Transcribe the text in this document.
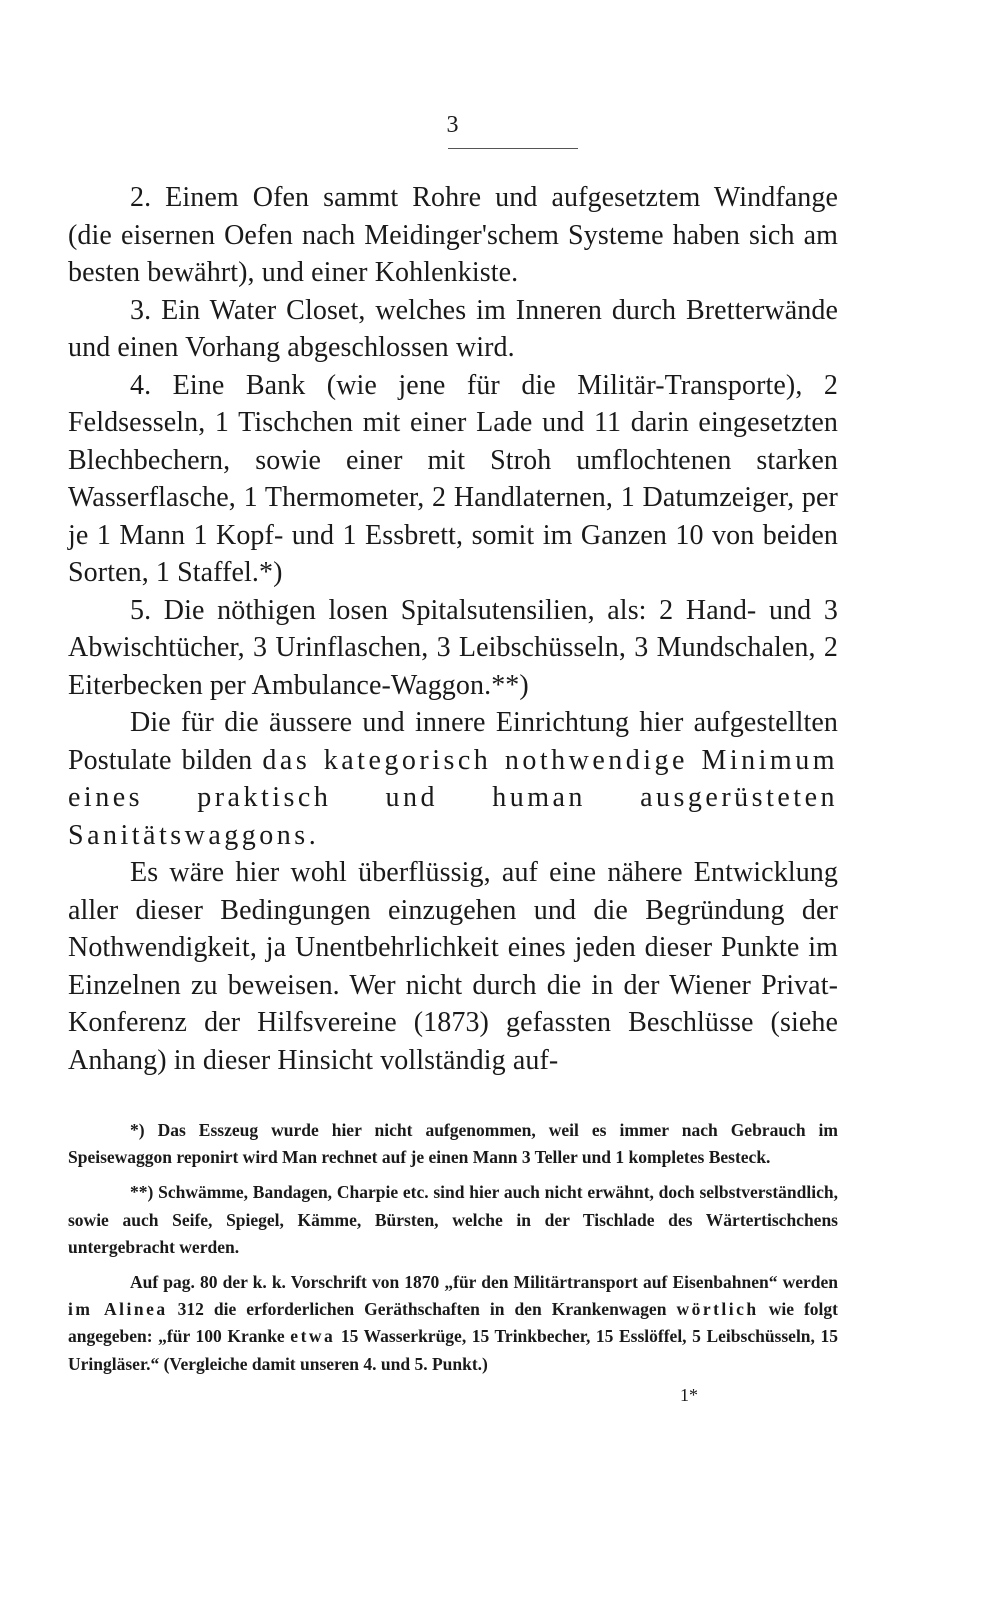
3

2. Einem Ofen sammt Rohre und aufgesetztem Windfange (die eisernen Oefen nach Meidinger'schem Systeme haben sich am besten bewährt), und einer Kohlenkiste.

3. Ein Water Closet, welches im Inneren durch Bretterwände und einen Vorhang abgeschlossen wird.

4. Eine Bank (wie jene für die Militär-Transporte), 2 Feldsesseln, 1 Tischchen mit einer Lade und 11 darin eingesetzten Blechbechern, sowie einer mit Stroh umflochtenen starken Wasserflasche, 1 Thermometer, 2 Handlaternen, 1 Datumzeiger, per je 1 Mann 1 Kopf- und 1 Essbrett, somit im Ganzen 10 von beiden Sorten, 1 Staffel.*)

5. Die nöthigen losen Spitalsutensilien, als: 2 Hand- und 3 Abwischtücher, 3 Urinflaschen, 3 Leibschüsseln, 3 Mundschalen, 2 Eiterbecken per Ambulance-Waggon.**)

Die für die äussere und innere Einrichtung hier aufgestellten Postulate bilden das kategorisch nothwendige Minimum eines praktisch und human ausgerüsteten Sanitätswaggons.

Es wäre hier wohl überflüssig, auf eine nähere Entwicklung aller dieser Bedingungen einzugehen und die Begründung der Nothwendigkeit, ja Unentbehrlichkeit eines jeden dieser Punkte im Einzelnen zu beweisen. Wer nicht durch die in der Wiener Privat-Konferenz der Hilfsvereine (1873) gefassten Beschlüsse (siehe Anhang) in dieser Hinsicht vollständig auf-

*) Das Esszeug wurde hier nicht aufgenommen, weil es immer nach Gebrauch im Speisewaggon reponirt wird Man rechnet auf je einen Mann 3 Teller und 1 kompletes Besteck.

**) Schwämme, Bandagen, Charpie etc. sind hier auch nicht erwähnt, doch selbstverständlich, sowie auch Seife, Spiegel, Kämme, Bürsten, welche in der Tischlade des Wärtertischchens untergebracht werden.

Auf pag. 80 der k. k. Vorschrift von 1870 „für den Militärtransport auf Eisenbahnen“ werden im Alinea 312 die erforderlichen Geräthschaften in den Krankenwagen wörtlich wie folgt angegeben: „für 100 Kranke etwa 15 Wasserkrüge, 15 Trinkbecher, 15 Esslöffel, 5 Leibschüsseln, 15 Uringläser.“ (Vergleiche damit unseren 4. und 5. Punkt.)

1*
